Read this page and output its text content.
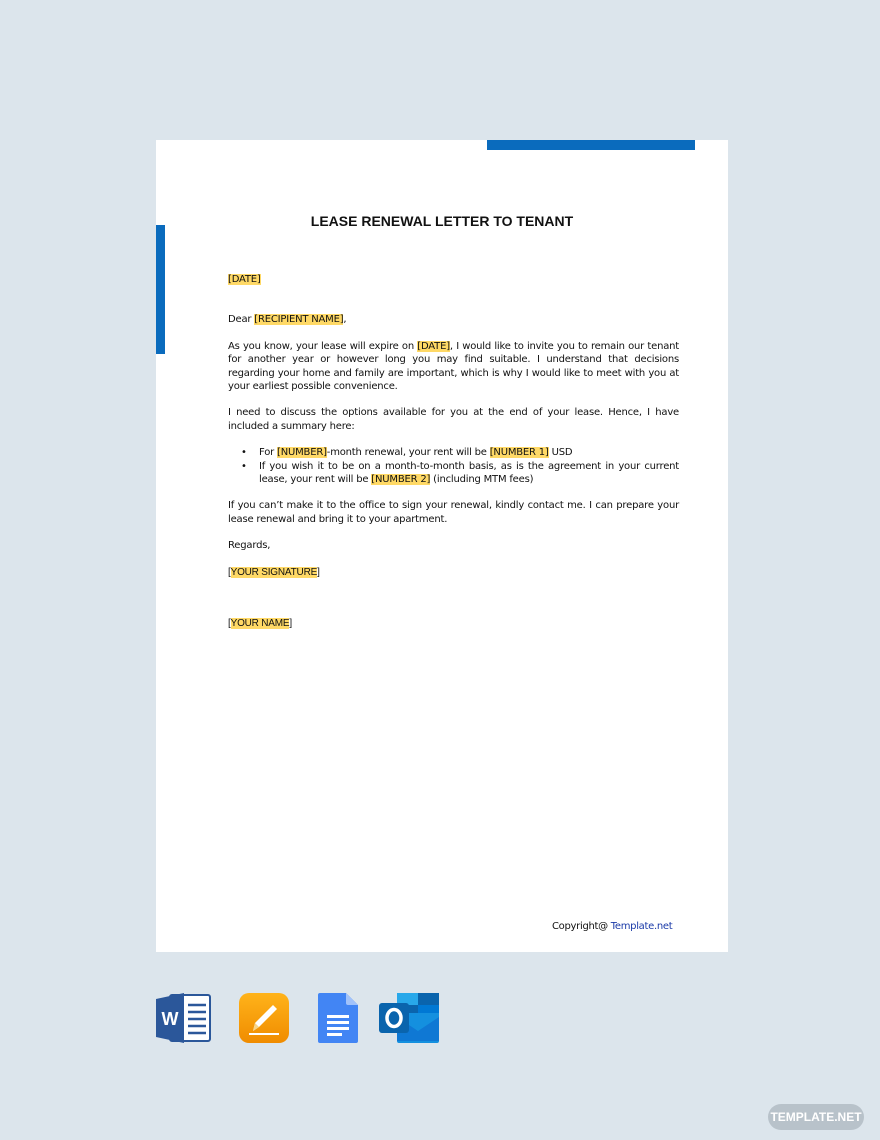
LEASE RENEWAL LETTER TO TENANT

[DATE]

Dear [RECIPIENT NAME],

As you know, your lease will expire on [DATE], I would like to invite you to remain our tenant for another year or however long you may find suitable. I understand that decisions regarding your home and family are important, which is why I would like to meet with you at your earliest possible convenience.

I need to discuss the options available for you at the end of your lease. Hence, I have included a summary here:

• For [NUMBER]-month renewal, your rent will be [NUMBER 1] USD
• If you wish it to be on a month-to-month basis, as is the agreement in your current lease, your rent will be [NUMBER 2] (including MTM fees)

If you can’t make it to the office to sign your renewal, kindly contact me. I can prepare your lease renewal and bring it to your apartment.

Regards,

[YOUR SIGNATURE]

[YOUR NAME]

Copyright@ Template.net
W
TEMPLATE.NET
